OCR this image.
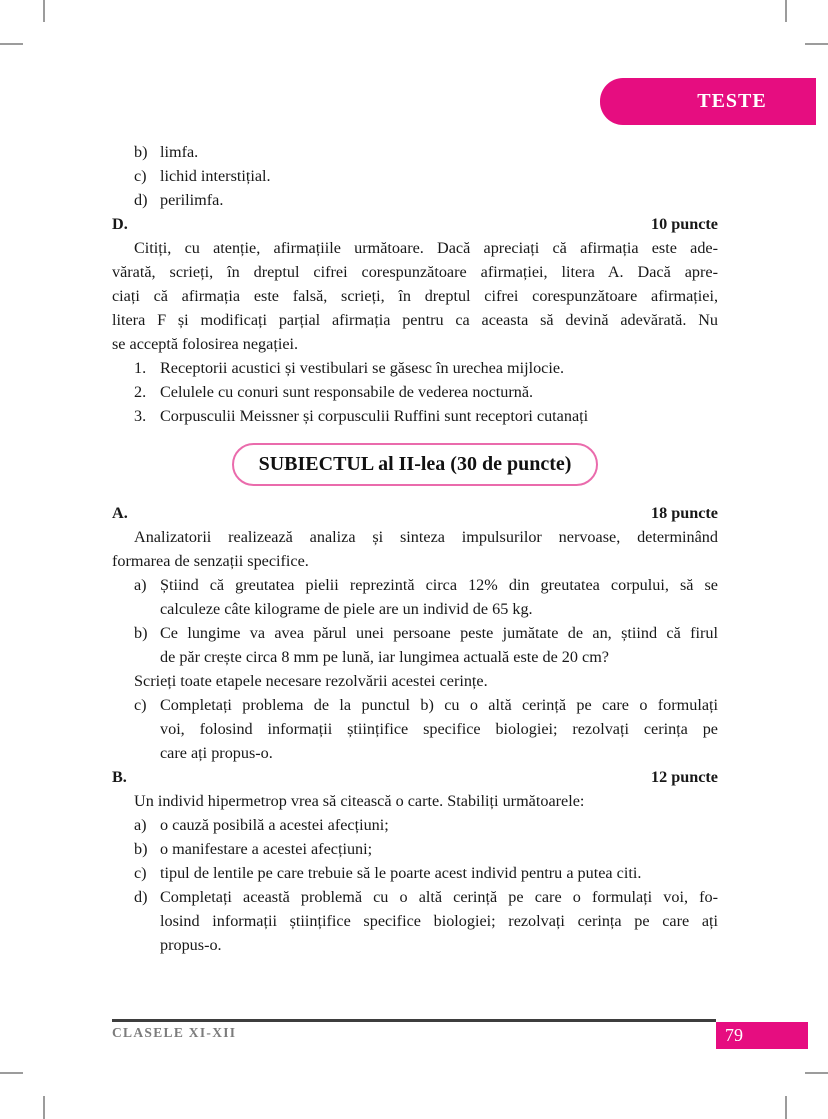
TESTE
b) limfa.
c) lichid interstițial.
d) perilimfa.
D.	10 puncte
Citiți, cu atenție, afirmațiile următoare. Dacă apreciați că afirmația este ade-
vărată, scrieți, în dreptul cifrei corespunzătoare afirmației, litera A. Dacă apre-
ciați că afirmația este falsă, scrieți, în dreptul cifrei corespunzătoare afirmației,
litera F și modificați parțial afirmația pentru ca aceasta să devină adevărată. Nu
se acceptă folosirea negației.
1. Receptorii acustici și vestibulari se găsesc în urechea mijlocie.
2. Celulele cu conuri sunt responsabile de vederea nocturnă.
3. Corpusculii Meissner și corpusculii Ruffini sunt receptori cutanați
SUBIECTUL al II-lea (30 de puncte)
A.	18 puncte
Analizatorii realizează analiza și sinteza impulsurilor nervoase, determinând
formarea de senzații specifice.
a) Știind că greutatea pielii reprezintă circa 12% din greutatea corpului, să se
calculeze câte kilograme de piele are un individ de 65 kg.
b) Ce lungime va avea părul unei persoane peste jumătate de an, știind că firul
de păr crește circa 8 mm pe lună, iar lungimea actuală este de 20 cm?
Scrieți toate etapele necesare rezolvării acestei cerințe.
c) Completați problema de la punctul b) cu o altă cerință pe care o formulați
voi, folosind informații științifice specifice biologiei; rezolvați cerința pe
care ați propus-o.
B.	12 puncte
Un individ hipermetrop vrea să citească o carte. Stabiliți următoarele:
a) o cauză posibilă a acestei afecțiuni;
b) o manifestare a acestei afecțiuni;
c) tipul de lentile pe care trebuie să le poarte acest individ pentru a putea citi.
d) Completați această problemă cu o altă cerință pe care o formulați voi, fo-
losind informații științifice specifice biologiei; rezolvați cerința pe care ați
propus-o.
CLASELE XI-XII	79
